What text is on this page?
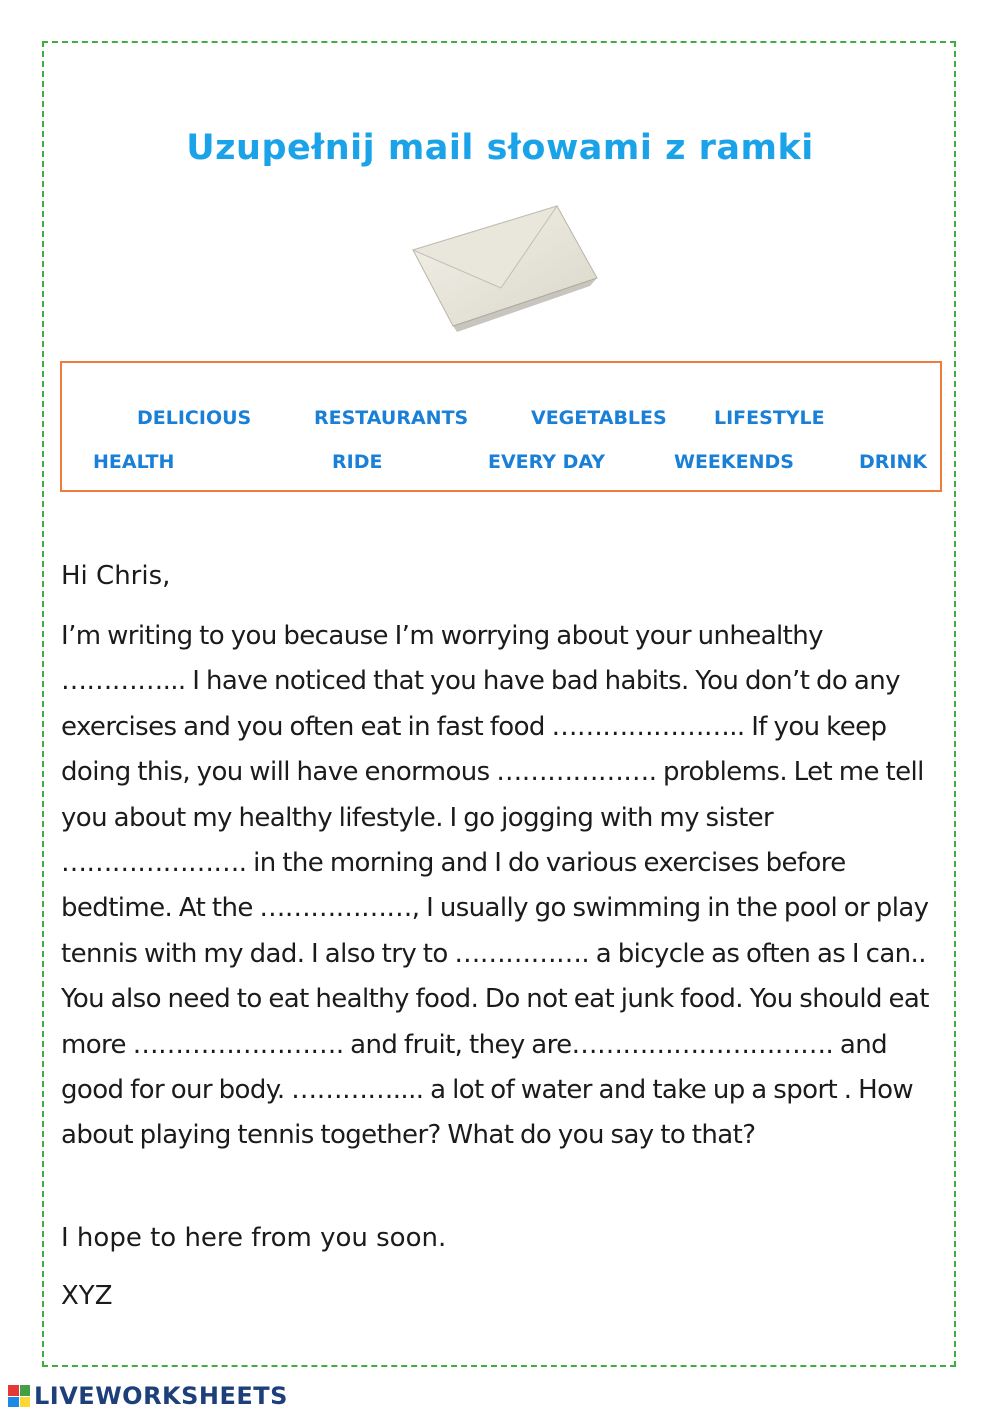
Uzupełnij mail słowami z ramki
DELICIOUS	RESTAURANTS	VEGETABLES LIFESTYLE
HEALTH	RIDE	EVERY DAY	WEEKENDS	DRINK

Hi Chris,

I’m writing to you because I’m worrying about your unhealthy …………... I have noticed that you have bad habits. You don’t do any exercises and you often eat in fast food ………………….. If you keep doing this, you will have enormous ………………. problems. Let me tell you about my healthy lifestyle. I go jogging with my sister …………………. in the morning and I do various exercises before bedtime. At the ………………, I usually go swimming in the pool or play tennis with my dad. I also try to ……………. a bicycle as often as I can.. You also need to eat healthy food. Do not eat junk food. You should eat more ……………………. and fruit, they are…………………………. and good for our body. ………….... a lot of water and take up a sport . How about playing tennis together? What do you say to that?

I hope to here from you soon.

XYZ

LIVEWORKSHEETS
